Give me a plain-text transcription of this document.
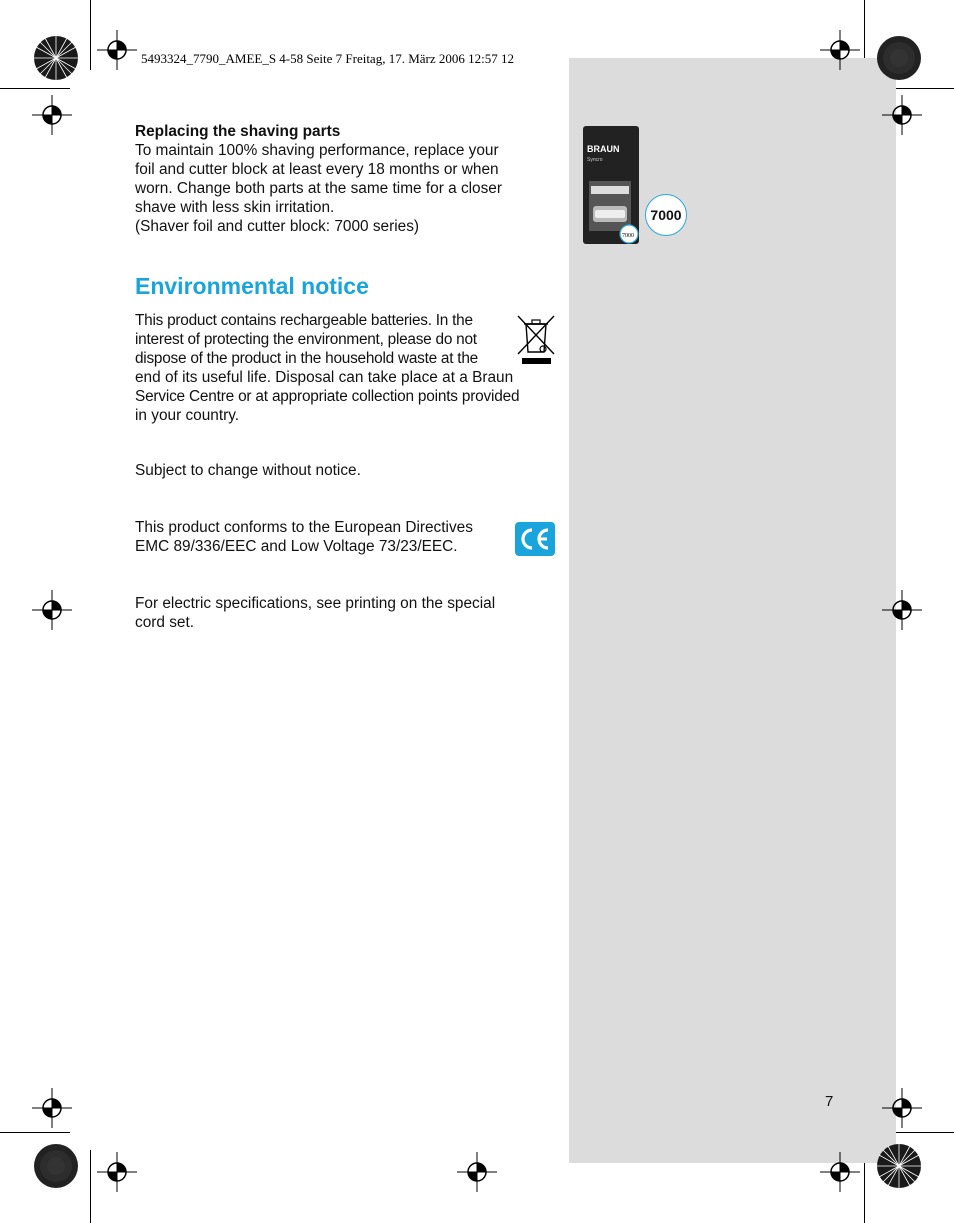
5493324_7790_AMEE_S 4-58 Seite 7 Freitag, 17. März 2006 12:57 12
Replacing the shaving parts
To maintain 100% shaving performance, replace your
foil and cutter block at least every 18 months or when
worn. Change both parts at the same time for a closer
shave with less skin irritation.
(Shaver foil and cutter block: 7000 series)
Environmental notice
This product contains rechargeable batteries. In the
interest of protecting the environment, please do not
dispose of the product in the household waste at the
end of its useful life. Disposal can take place at a Braun
Service Centre or at appropriate collection points provided
in your country.
Subject to change without notice.
This product conforms to the European Directives
EMC 89/336/EEC and Low Voltage 73/23/EEC.
For electric specifications, see printing on the special
cord set.
BRAUN
Syncro
7000
7000
7
